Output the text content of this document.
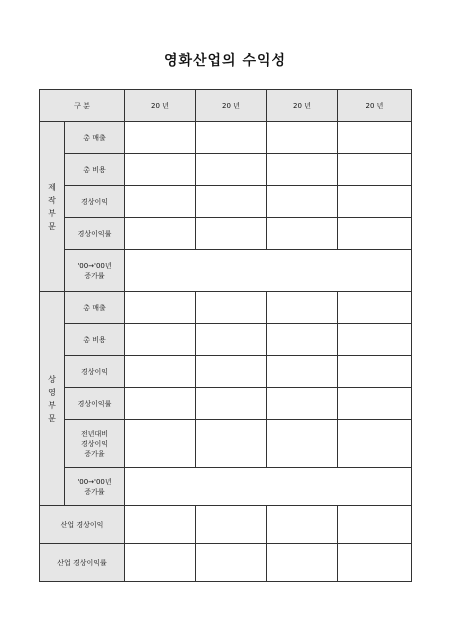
영화산업의 수익성
구 분		20 년	20 년	20 년	20 년

제
작
부
문	총 매출				
	총 비용				
	경상이익				
	경상이익률				
	'00→'00년
증가률				

상
영
부
문	총 매출				
	총 비용				
	경상이익				
	경상이익률				
	전년대비
경상이익
증가율				
	'00→'00년
증가률				
산업 경상이익					
산업 경상이익률					
